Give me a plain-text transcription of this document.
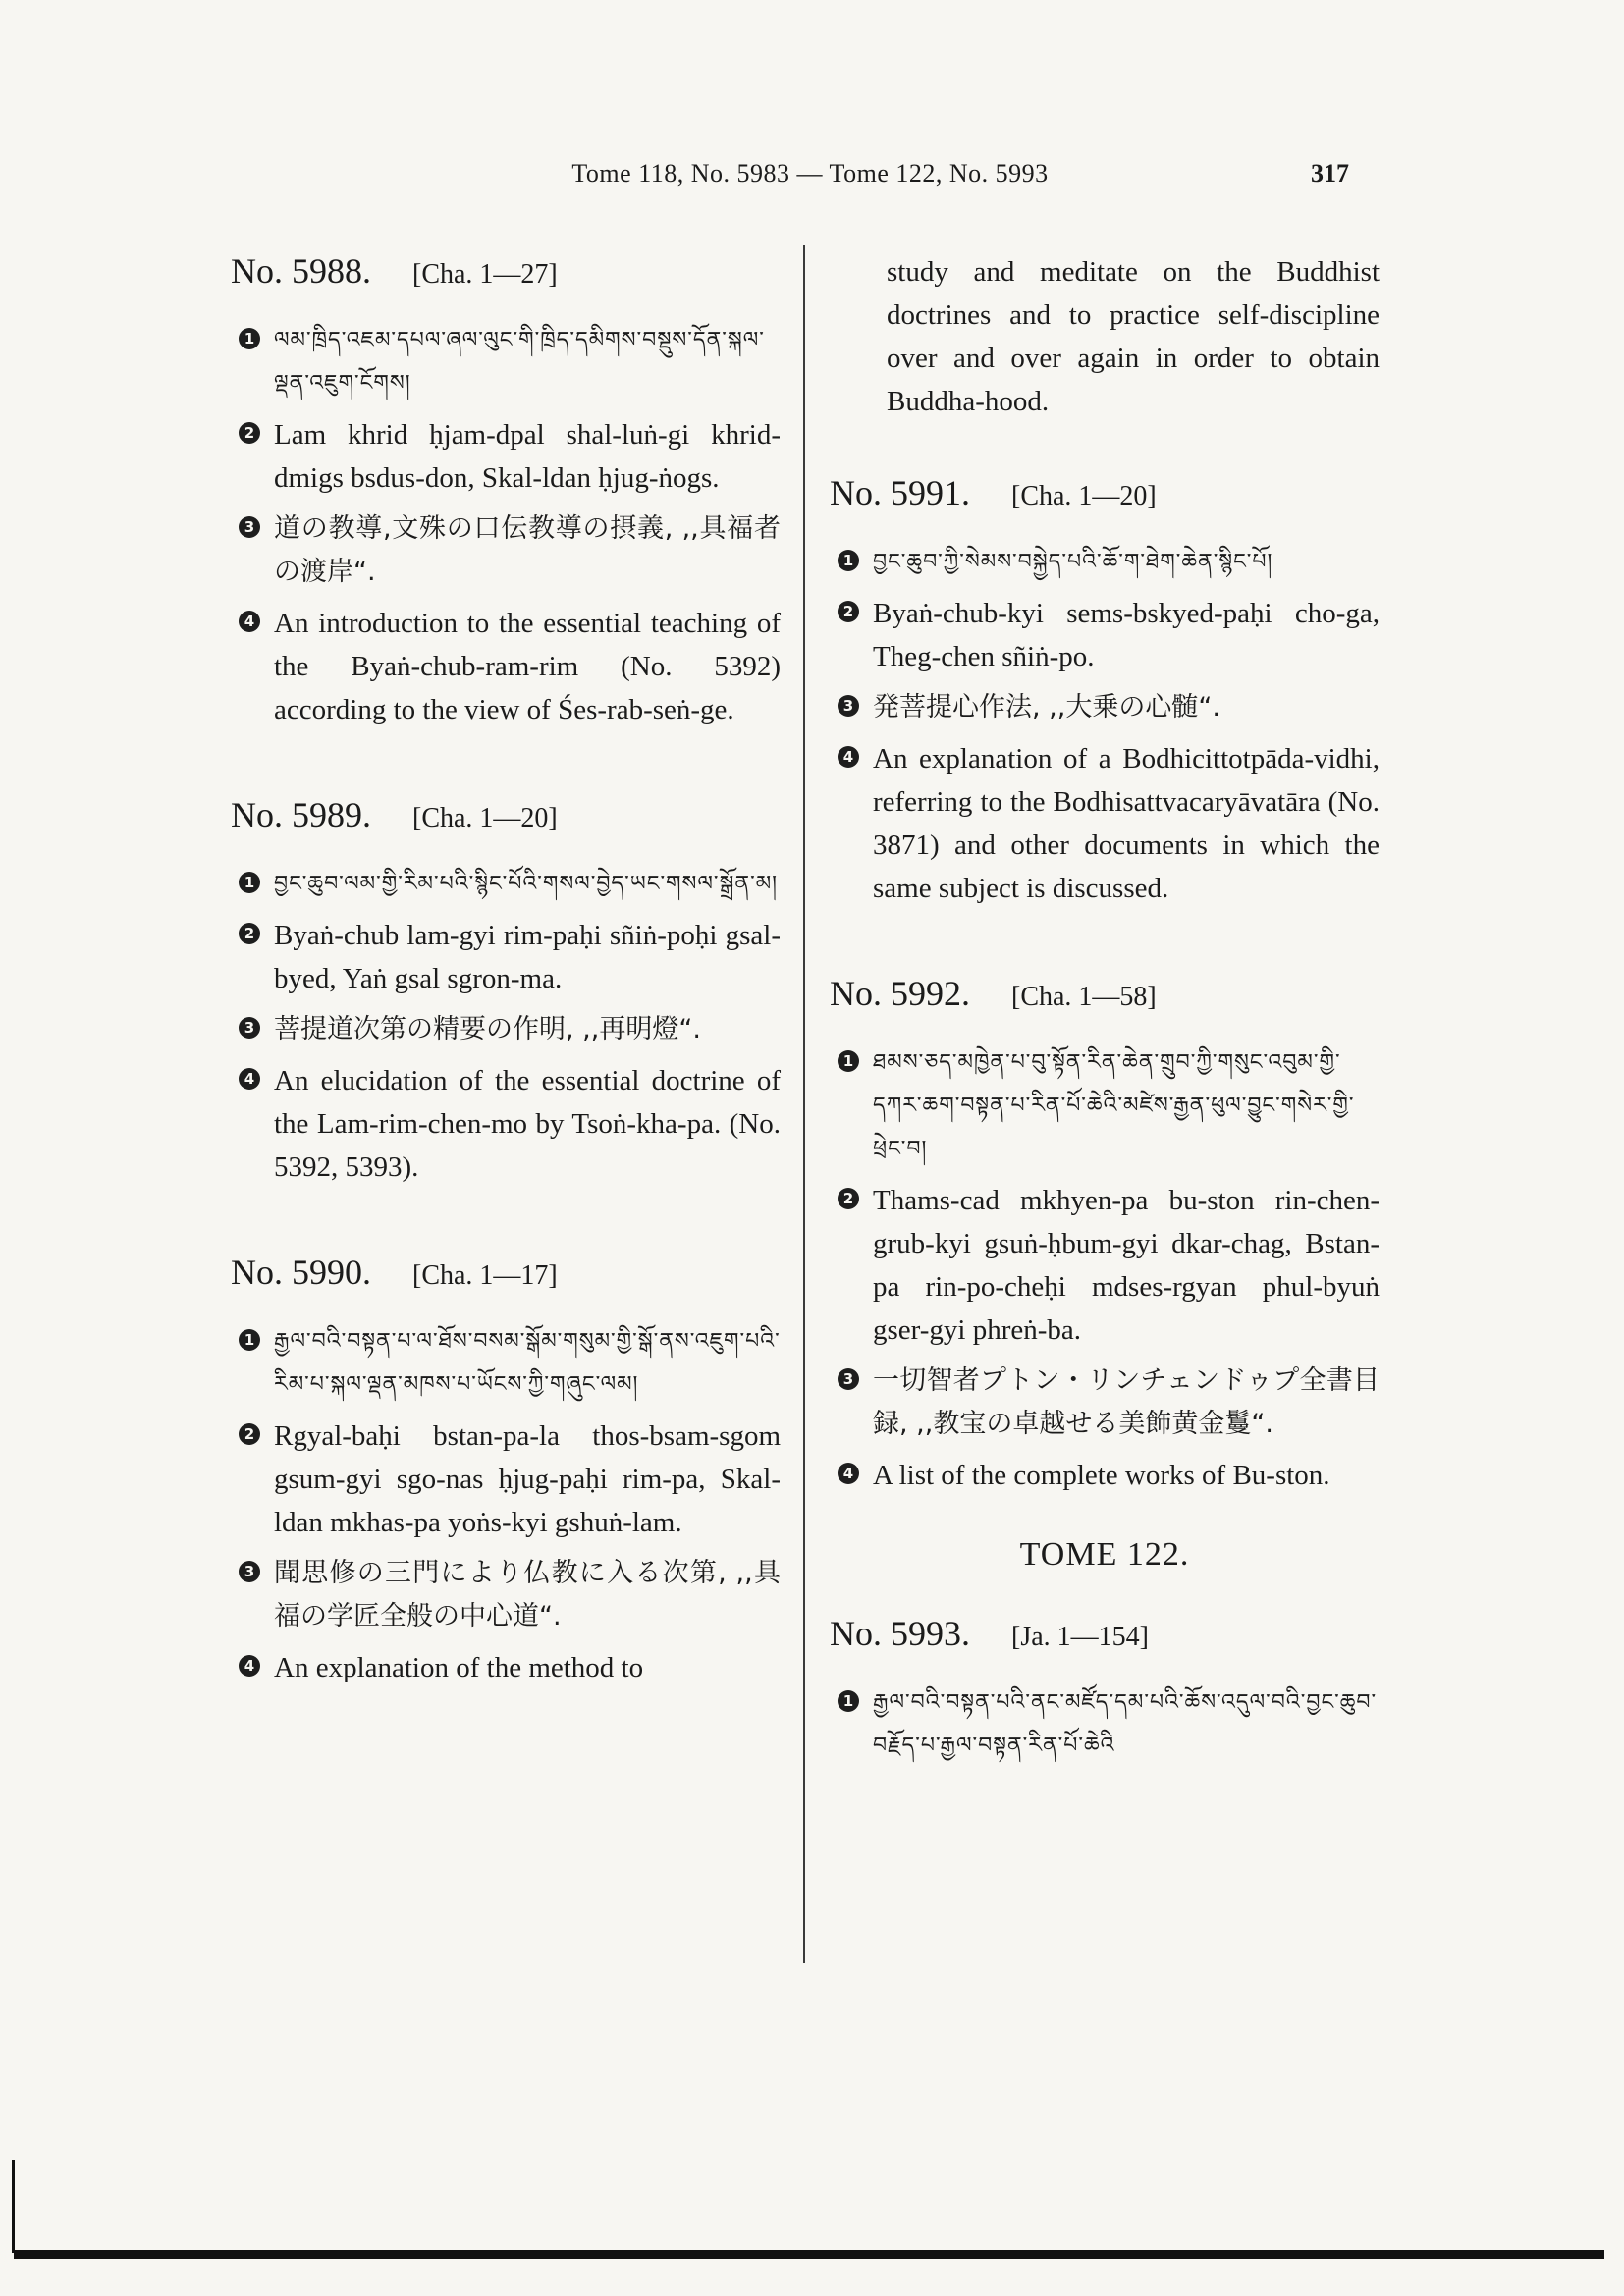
Tome 118, No. 5983 — Tome 122, No. 5993	317
No. 5988. [Cha. 1—27]
1 ལམ་ཁྲིད་འཇམ་དཔལ་ཞལ་ལུང་གི་ཁྲིད་དམིགས་བསྡུས་དོན་སྐལ་ལྡན་འཇུག་ངོགས།
2 Lam khrid ḥjam-dpal shal-luṅ-gi khrid-dmigs bsdus-don, Skal-ldan ḥjug-ṅogs.
3 道の教導,文殊の口伝教導の摂義, ,,具福者の渡岸“.
4 An introduction to the essential teaching of the Byaṅ-chub-ram-rim (No. 5392) according to the view of Śes-rab-seṅ-ge.
No. 5989. [Cha. 1—20]
1 བྱང་ཆུབ་ལམ་གྱི་རིམ་པའི་སྙིང་པོའི་གསལ་བྱེད་ཡང་གསལ་སྒྲོན་མ།
2 Byaṅ-chub lam-gyi rim-paḥi sñiṅ-poḥi gsal-byed, Yaṅ gsal sgron-ma.
3 菩提道次第の精要の作明, ,,再明燈“.
4 An elucidation of the essential doctrine of the Lam-rim-chen-mo by Tsoṅ-kha-pa. (No. 5392, 5393).
No. 5990. [Cha. 1—17]
1 རྒྱལ་བའི་བསྟན་པ་ལ་ཐོས་བསམ་སྒོམ་གསུམ་གྱི་སྒོ་ནས་འཇུག་པའི་རིམ་པ་སྐལ་ལྡན་མཁས་པ་ཡོངས་ཀྱི་གཞུང་ལམ།
2 Rgyal-baḥi bstan-pa-la thos-bsam-sgom gsum-gyi sgo-nas ḥjug-paḥi rim-pa, Skal-ldan mkhas-pa yoṅs-kyi gshuṅ-lam.
3 聞思修の三門により仏教に入る次第, ,,具福の学匠全般の中心道“.
4 An explanation of the method to
study and meditate on the Buddhist doctrines and to practice self-discipline over and over again in order to obtain Buddha-hood.
No. 5991. [Cha. 1—20]
1 བྱང་ཆུབ་ཀྱི་སེམས་བསྐྱེད་པའི་ཆོ་ག་ཐེག་ཆེན་སྙིང་པོ།
2 Byaṅ-chub-kyi sems-bskyed-paḥi cho-ga, Theg-chen sñiṅ-po.
3 発菩提心作法, ,,大乗の心髄“.
4 An explanation of a Bodhicittotpāda-vidhi, referring to the Bodhisattvacaryāvatāra (No. 3871) and other documents in which the same subject is discussed.
No. 5992. [Cha. 1—58]
1 ཐམས་ཅད་མཁྱེན་པ་བུ་སྟོན་རིན་ཆེན་གྲུབ་ཀྱི་གསུང་འབུམ་གྱི་དཀར་ཆག་བསྟན་པ་རིན་པོ་ཆེའི་མཛེས་རྒྱན་ཕུལ་བྱུང་གསེར་གྱི་ཕྲེང་བ།
2 Thams-cad mkhyen-pa bu-ston rin-chen-grub-kyi gsuṅ-ḥbum-gyi dkar-chag, Bstan-pa rin-po-cheḥi mdses-rgyan phul-byuṅ gser-gyi phreṅ-ba.
3 一切智者プトン・リンチェンドゥプ全書目録, ,,教宝の卓越せる美飾黄金鬘“.
4 A list of the complete works of Bu-ston.
TOME 122.
No. 5993. [Ja. 1—154]
1 རྒྱལ་བའི་བསྟན་པའི་ནང་མཛོད་དམ་པའི་ཆོས་འདུལ་བའི་བྱང་ཆུབ་བརྗོད་པ་རྒྱལ་བསྟན་རིན་པོ་ཆེའི
